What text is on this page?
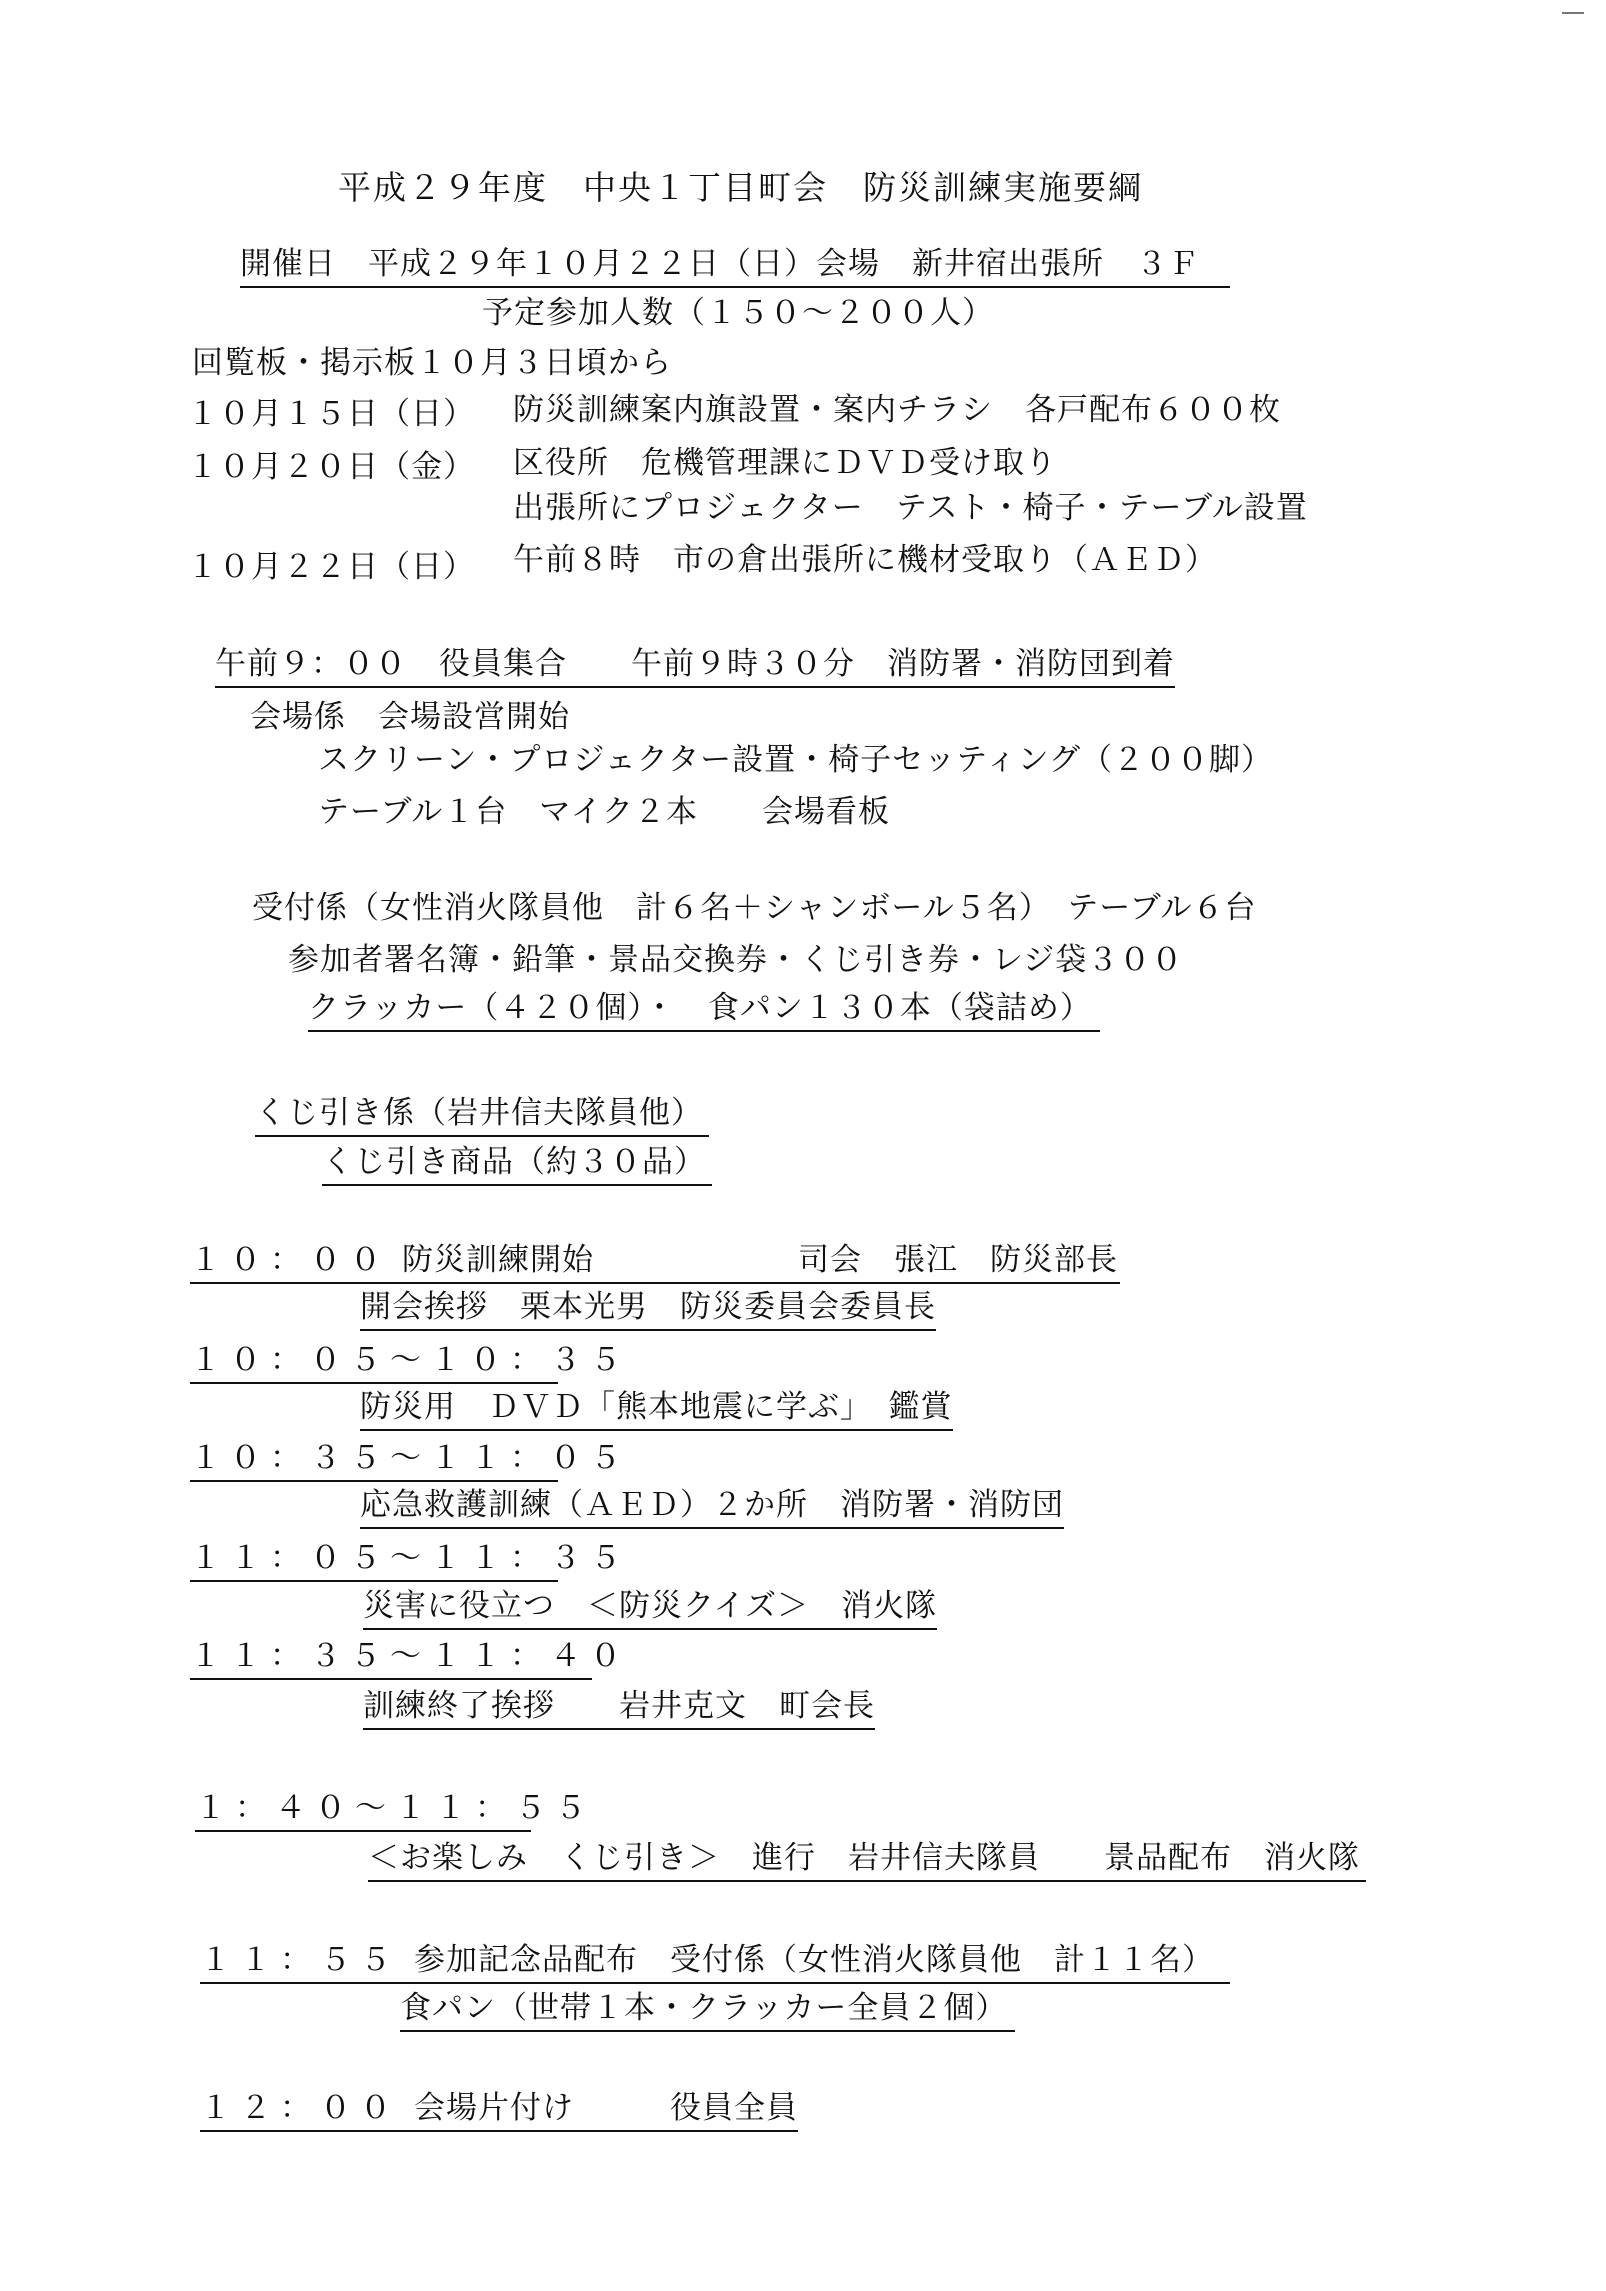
平成２９年度　中央１丁目町会　防災訓練実施要綱
開催日　平成２９年１０月２２日（日）会場　新井宿出張所　３Ｆ
予定参加人数（１５０～２００人）
回覧板・掲示板１０月３日頃から
１０月１５日（日） 防災訓練案内旗設置・案内チラシ　各戸配布６００枚
１０月２０日（金） 区役所　危機管理課にＤＶＤ受け取り
出張所にプロジェクター　テスト・椅子・テーブル設置
１０月２２日（日） 午前８時　市の倉出張所に機材受取り（ＡＥＤ）
午前９：００　役員集合　　午前９時３０分　消防署・消防団到着
会場係　会場設営開始
スクリーン・プロジェクター設置・椅子セッティング（２００脚）
テーブル１台　マイク２本　　会場看板
受付係（女性消火隊員他　計６名＋シャンボール５名）　テーブル６台
参加者署名簿・鉛筆・景品交換券・くじ引き券・レジ袋３００
クラッカー（４２０個）・　食パン１３０本（袋詰め）
くじ引き係（岩井信夫隊員他）
くじ引き商品（約３０品）
１０：００ 防災訓練開始	司会　張江　防災部長
開会挨拶　栗本光男　防災委員会委員長
１０：０５～１０：３５
防災用　ＤＶＤ「熊本地震に学ぶ」　鑑賞
１０：３５～１１：０５
応急救護訓練（ＡＥＤ）２か所　消防署・消防団
１１：０５～１１：３５
災害に役立つ　＜防災クイズ＞　消火隊
１１：３５～１１：４０
訓練終了挨拶　　岩井克文　町会長
１：４０～１１：５５
＜お楽しみ　くじ引き＞　進行　岩井信夫隊員　　景品配布　消火隊
１１：５５ 参加記念品配布　受付係（女性消火隊員他　計１１名）
食パン（世帯１本・クラッカー全員２個）
１２：００ 会場片付け　　　役員全員
